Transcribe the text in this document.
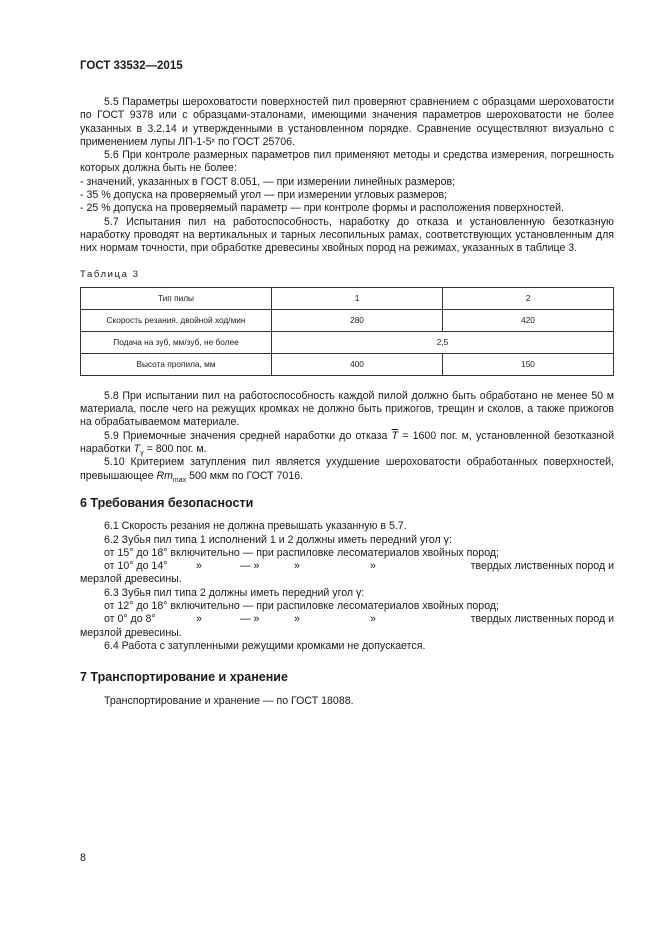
ГОСТ 33532—2015

5.5 Параметры шероховатости поверхностей пил проверяют сравнением с образцами шероховатости по ГОСТ 9378 или с образцами-эталонами, имеющими значения параметров шероховатости не более указанных в 3.2.14 и утвержденными в установленном порядке. Сравнение осуществляют визуально с применением лупы ЛП-1-5ˣ по ГОСТ 25706.

5.6 При контроле размерных параметров пил применяют методы и средства измерения, погрешность которых должна быть не более:

- значений, указанных в ГОСТ 8.051, — при измерении линейных размеров;

- 35 % допуска на проверяемый угол — при измерении угловых размеров;

- 25 % допуска на проверяемый параметр — при контроле формы и расположения поверхностей.

5.7 Испытания пил на работоспособность, наработку до отказа и установленную безотказную наработку проводят на вертикальных и тарных лесопильных рамах, соответствующих установленным для них нормам точности, при обработке древесины хвойных пород на режимах, указанных в таблице 3.

Таблица 3

Тип пилы	1	2
Скорость резания, двойной ход/мин	280	420
Подача на зуб, мм/зуб, не более	2,5	
Высота пропила, мм	400	150

5.8 При испытании пил на работоспособность каждой пилой должно быть обработано не менее 50 м материала, после чего на режущих кромках не должно быть прижогов, трещин и сколов, а также прижогов на обрабатываемом материале.

5.9 Приемочные значения средней наработки до отказа $\overline{T} = 1600$ пог. м, установленной безотказной наработки $T_\gamma = 800$ пог. м.

5.10 Критерием затупления пил является ухудшение шероховатости обработанных поверхностей, превышающее $Rm_{max}$ 500 мкм по ГОСТ 7016.

6 Требования безопасности

6.1 Скорость резания не должна превышать указанную в 5.7.

6.2 Зубья пил типа 1 исполнений 1 и 2 должны иметь передний угол γ:

от 15° до 18° включительно — при распиловке лесоматериалов хвойных пород;

от 10° до 14°	»	— »	»	»	твердых лиственных пород и

мерзлой древесины.

6.3 Зубья пил типа 2 должны иметь передний угол γ:

от 12° до 18° включительно — при распиловке лесоматериалов хвойных пород;

от 0° до 8°	»	— »	»	»	твердых лиственных пород и

мерзлой древесины.

6.4 Работа с затупленными режущими кромками не допускается.

7 Транспортирование и хранение

Транспортирование и хранение — по ГОСТ 18088.

8
